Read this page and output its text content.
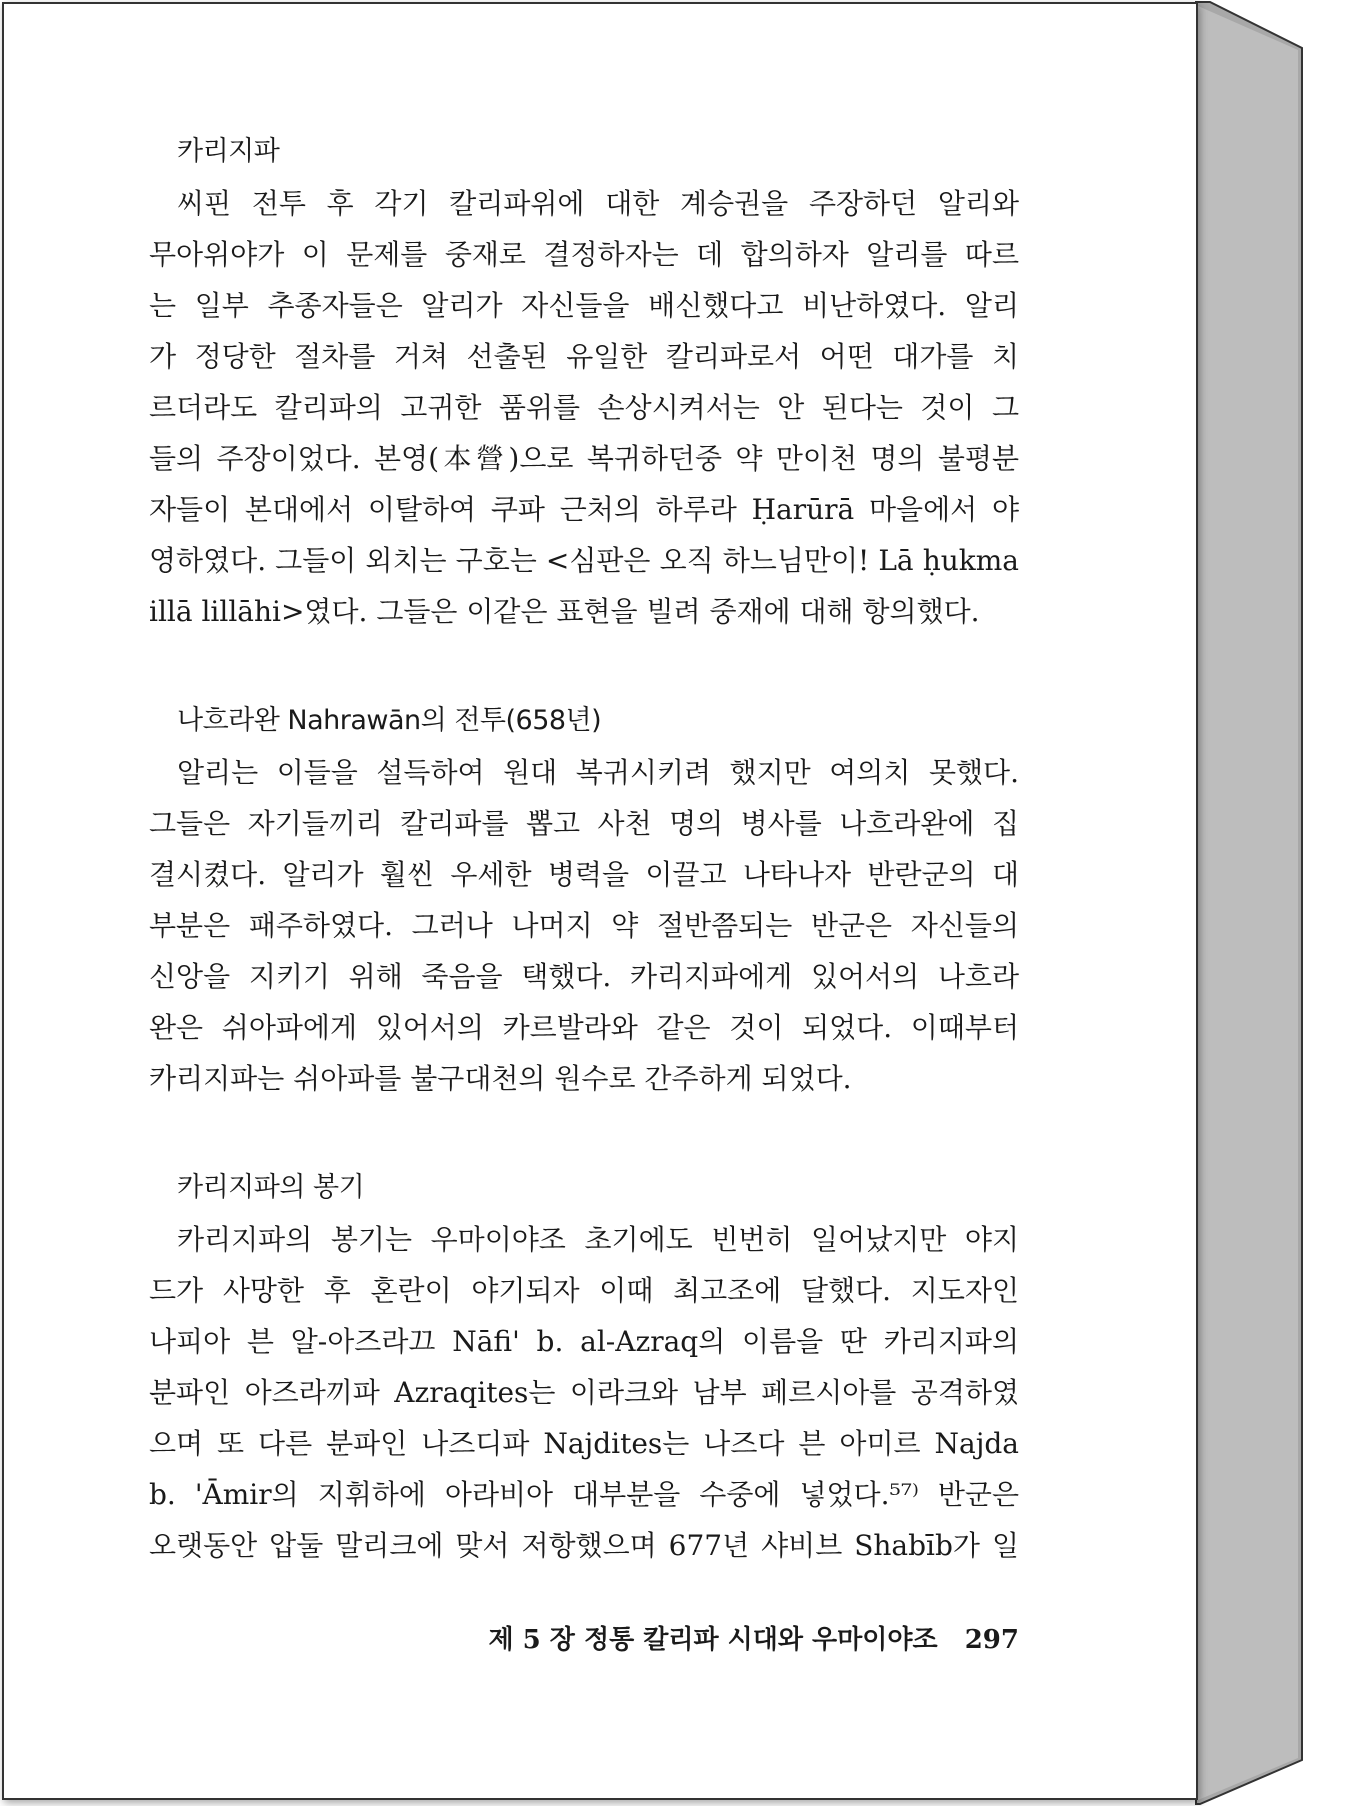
카리지파
씨핀 전투 후 각기 칼리파위에 대한 계승권을 주장하던 알리와
무아위야가 이 문제를 중재로 결정하자는 데 합의하자 알리를 따르
는 일부 추종자들은 알리가 자신들을 배신했다고 비난하였다. 알리
가 정당한 절차를 거쳐 선출된 유일한 칼리파로서 어떤 대가를 치
르더라도 칼리파의 고귀한 품위를 손상시켜서는 안 된다는 것이 그
들의 주장이었다. 본영(本營)으로 복귀하던중 약 만이천 명의 불평분
자들이 본대에서 이탈하여 쿠파 근처의 하루라 Ḥarūrā 마을에서 야
영하였다. 그들이 외치는 구호는 <심판은 오직 하느님만이! Lā ḥukma
illā lillāhi>였다. 그들은 이같은 표현을 빌려 중재에 대해 항의했다.
나흐라완 Nahrawān의 전투(658년)
알리는 이들을 설득하여 원대 복귀시키려 했지만 여의치 못했다.
그들은 자기들끼리 칼리파를 뽑고 사천 명의 병사를 나흐라완에 집
결시켰다. 알리가 훨씬 우세한 병력을 이끌고 나타나자 반란군의 대
부분은 패주하였다. 그러나 나머지 약 절반쯤되는 반군은 자신들의
신앙을 지키기 위해 죽음을 택했다. 카리지파에게 있어서의 나흐라
완은 쉬아파에게 있어서의 카르발라와 같은 것이 되었다. 이때부터
카리지파는 쉬아파를 불구대천의 원수로 간주하게 되었다.
카리지파의 봉기
카리지파의 봉기는 우마이야조 초기에도 빈번히 일어났지만 야지
드가 사망한 후 혼란이 야기되자 이때 최고조에 달했다. 지도자인
나피아 븐 알-아즈라끄 Nāfi' b. al-Azraq의 이름을 딴 카리지파의
분파인 아즈라끼파 Azraqites는 이라크와 남부 페르시아를 공격하였
으며 또 다른 분파인 나즈디파 Najdites는 나즈다 븐 아미르 Najda
b. 'Āmir의 지휘하에 아라비아 대부분을 수중에 넣었다.⁵⁷⁾ 반군은
오랫동안 압둘 말리크에 맞서 저항했으며 677년 샤비브 Shabīb가 일
제 5 장 정통 칼리파 시대와 우마이야조 297
